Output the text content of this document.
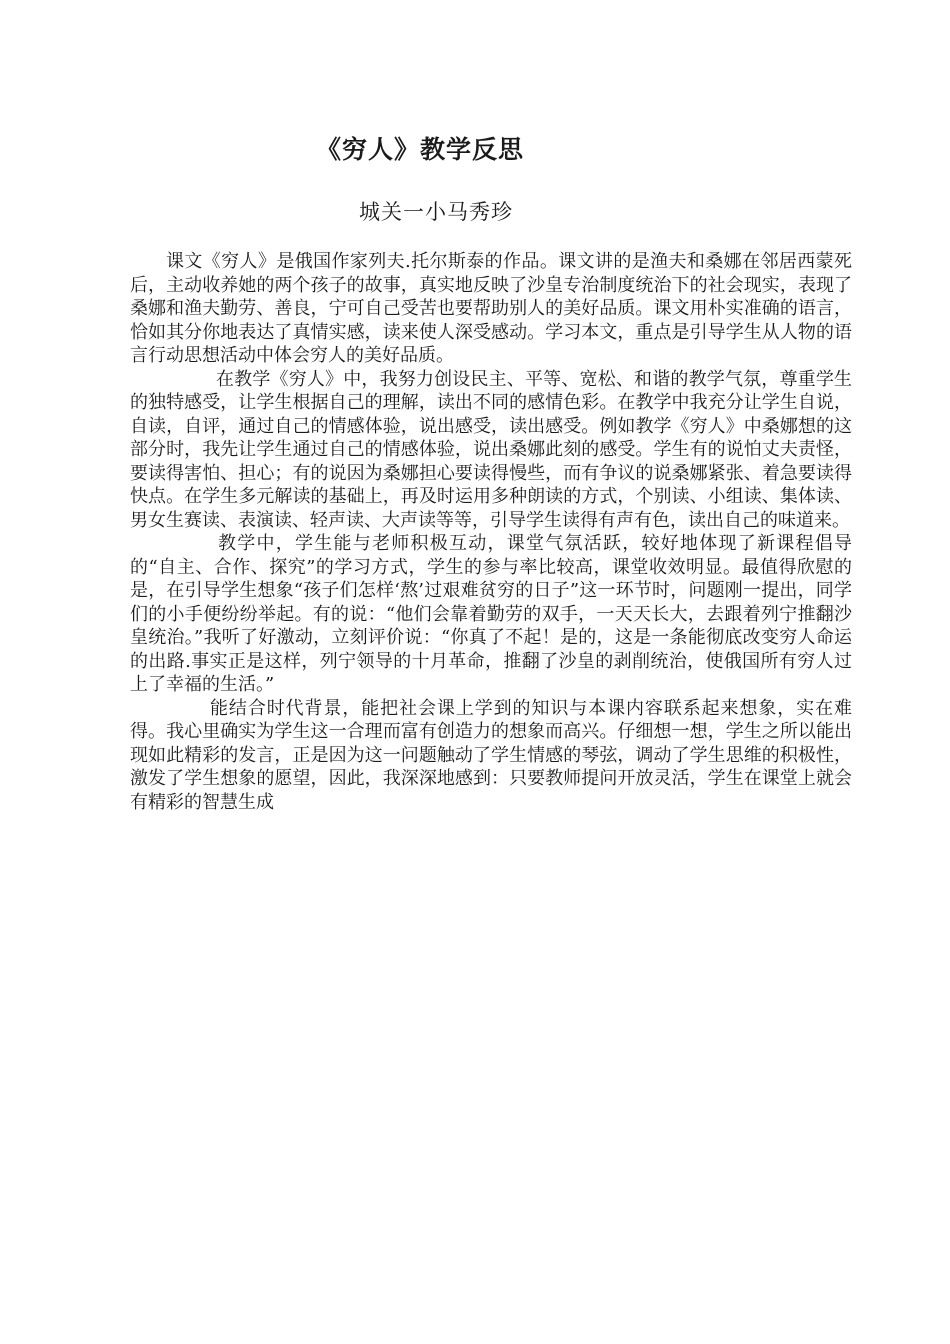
《穷人》教学反思

城关一小马秀珍

课文《穷人》是俄国作家列夫.托尔斯泰的作品。课文讲的是渔夫和桑娜在邻居西蒙死后，主动收养她的两个孩子的故事，真实地反映了沙皇专治制度统治下的社会现实，表现了桑娜和渔夫勤劳、善良，宁可自己受苦也要帮助别人的美好品质。课文用朴实准确的语言，恰如其分你地表达了真情实感，读来使人深受感动。学习本文，重点是引导学生从人物的语言行动思想活动中体会穷人的美好品质。

在教学《穷人》中，我努力创设民主、平等、宽松、和谐的教学气氛，尊重学生的独特感受，让学生根据自己的理解，读出不同的感情色彩。在教学中我充分让学生自说，自读，自评，通过自己的情感体验，说出感受，读出感受。例如教学《穷人》中桑娜想的这部分时，我先让学生通过自己的情感体验，说出桑娜此刻的感受。学生有的说怕丈夫责怪，要读得害怕、担心；有的说因为桑娜担心要读得慢些，而有争议的说桑娜紧张、着急要读得快点。在学生多元解读的基础上，再及时运用多种朗读的方式，个别读、小组读、集体读、男女生赛读、表演读、轻声读、大声读等等，引导学生读得有声有色，读出自己的味道来。

教学中，学生能与老师积极互动，课堂气氛活跃，较好地体现了新课程倡导的“自主、合作、探究”的学习方式，学生的参与率比较高，课堂收效明显。最值得欣慰的是，在引导学生想象“孩子们怎样‘熬’过艰难贫穷的日子”这一环节时，问题刚一提出，同学们的小手便纷纷举起。有的说：“他们会靠着勤劳的双手，一天天长大，去跟着列宁推翻沙皇统治。”我听了好激动，立刻评价说：“你真了不起！是的，这是一条能彻底改变穷人命运的出路.事实正是这样，列宁领导的十月革命，推翻了沙皇的剥削统治，使俄国所有穷人过上了幸福的生活。”

能结合时代背景，能把社会课上学到的知识与本课内容联系起来想象，实在难得。我心里确实为学生这一合理而富有创造力的想象而高兴。仔细想一想，学生之所以能出现如此精彩的发言，正是因为这一问题触动了学生情感的琴弦，调动了学生思维的积极性，激发了学生想象的愿望，因此，我深深地感到：只要教师提问开放灵活，学生在课堂上就会有精彩的智慧生成
